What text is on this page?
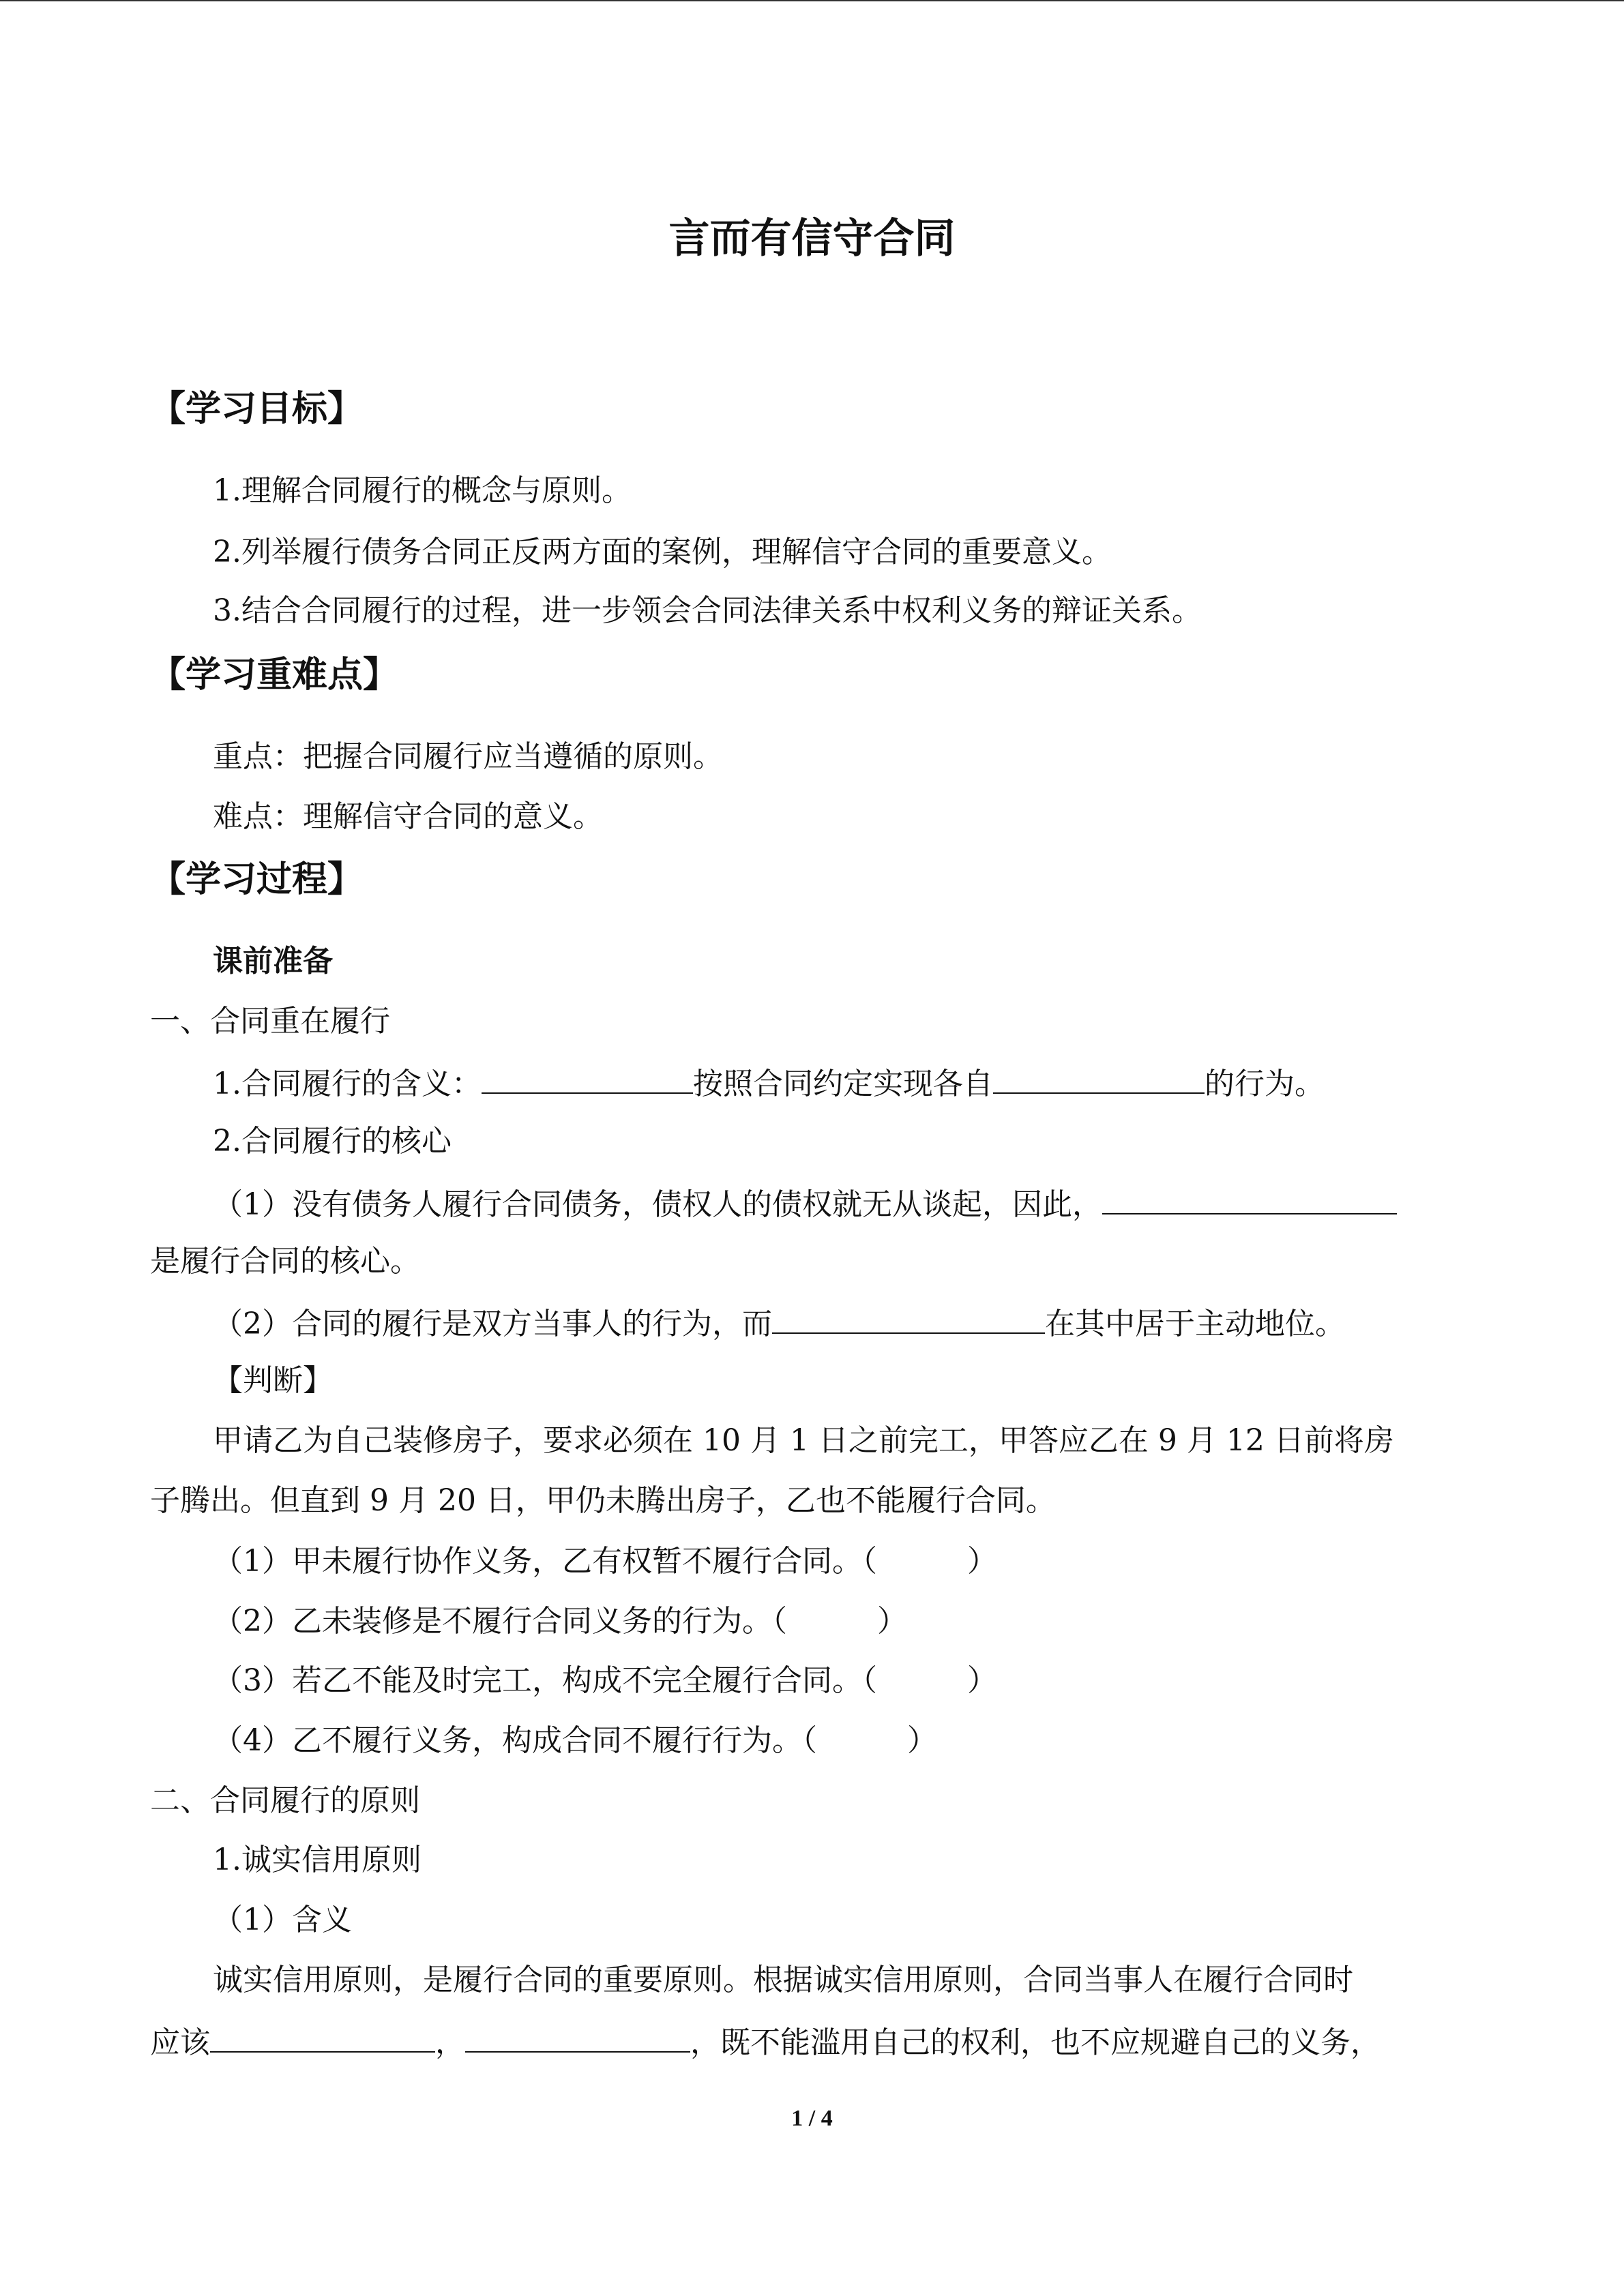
言而有信守合同
【学习目标】
1.理解合同履行的概念与原则。
2.列举履行债务合同正反两方面的案例，理解信守合同的重要意义。
3.结合合同履行的过程，进一步领会合同法律关系中权利义务的辩证关系。
【学习重难点】
重点：把握合同履行应当遵循的原则。
难点：理解信守合同的意义。
【学习过程】
课前准备
一、合同重在履行
1.合同履行的含义：	按照合同约定实现各自	的行为。
2.合同履行的核心
（1）没有债务人履行合同债务，债权人的债权就无从谈起，因此，
是履行合同的核心。
（2）合同的履行是双方当事人的行为，而	在其中居于主动地位。
【判断】
甲请乙为自己装修房子，要求必须在 10 月 1 日之前完工，甲答应乙在 9 月 12 日前将房
子腾出。但直到 9 月 20 日，甲仍未腾出房子，乙也不能履行合同。
（1）甲未履行协作义务，乙有权暂不履行合同。（　　　）
（2）乙未装修是不履行合同义务的行为。（　　　）
（3）若乙不能及时完工，构成不完全履行合同。（　　　）
（4）乙不履行义务，构成合同不履行行为。（　　　）
二、合同履行的原则
1.诚实信用原则
（1）含义
诚实信用原则，是履行合同的重要原则。根据诚实信用原则，合同当事人在履行合同时
应该	，	，既不能滥用自己的权利，也不应规避自己的义务，
1 / 4
